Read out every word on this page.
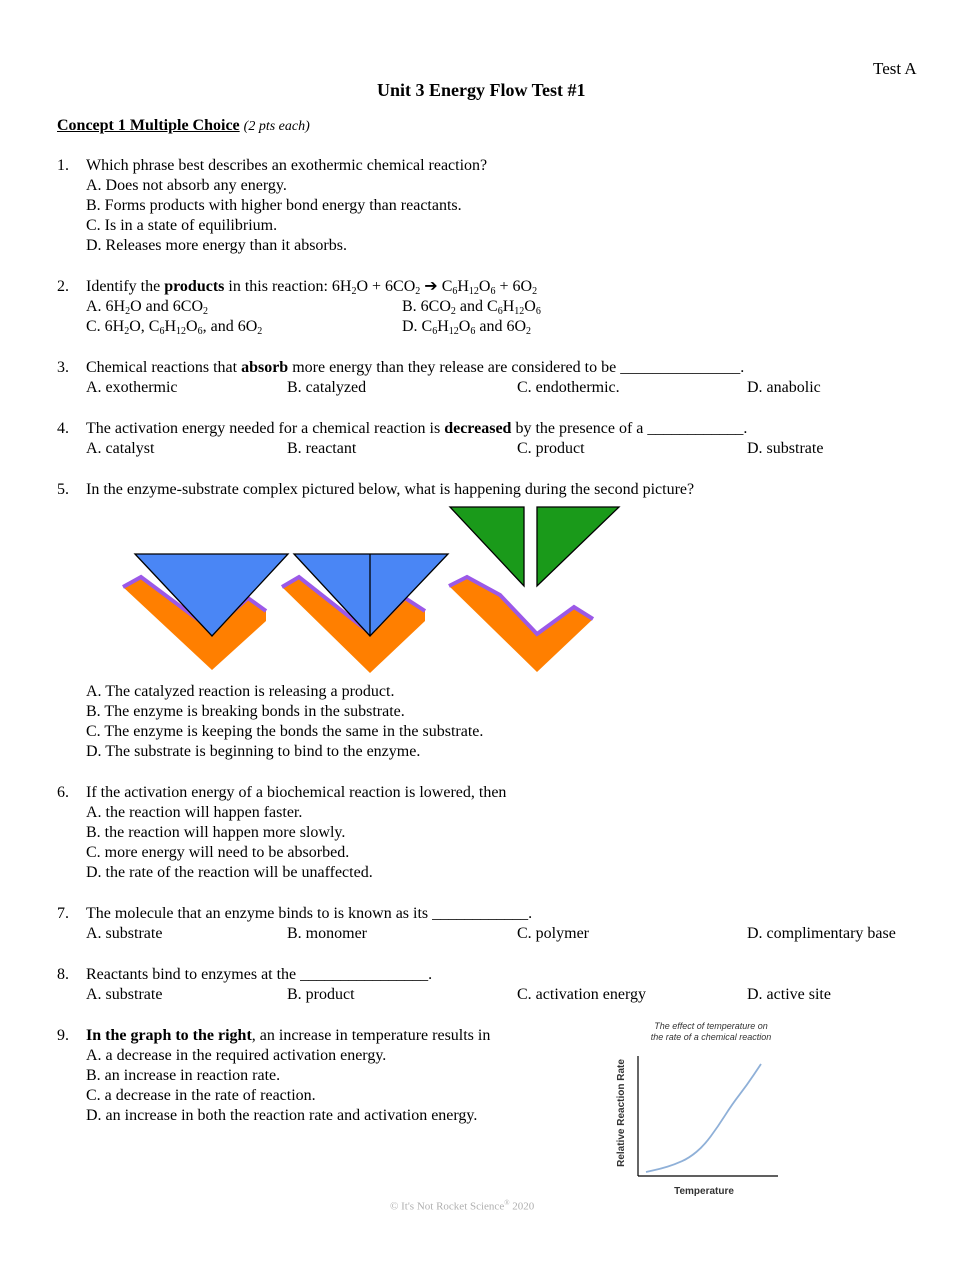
Test A
Unit 3 Energy Flow Test #1
Concept 1 Multiple Choice (2 pts each)
1. Which phrase best describes an exothermic chemical reaction?
A. Does not absorb any energy.
B. Forms products with higher bond energy than reactants.
C. Is in a state of equilibrium.
D. Releases more energy than it absorbs.
2. Identify the products in this reaction: $6H_2O + 6CO_2$ ➔ $C_6H_{12}O_6 + 6O_2$
A. $6H_2O$ and $6CO_2$	B. $6CO_2$ and $C_6H_{12}O_6$
C. $6H_2O$, $C_6H_{12}O_6$, and $6O_2$	D. $C_6H_{12}O_6$ and $6O_2$
3. Chemical reactions that absorb more energy than they release are considered to be _______________.
A. exothermic	B. catalyzed	C. endothermic.	D. anabolic
4. The activation energy needed for a chemical reaction is decreased by the presence of a ____________.
A. catalyst	B. reactant	C. product	D. substrate
5. In the enzyme-substrate complex pictured below, what is happening during the second picture?
A. The catalyzed reaction is releasing a product.
B. The enzyme is breaking bonds in the substrate.
C. The enzyme is keeping the bonds the same in the substrate.
D. The substrate is beginning to bind to the enzyme.
6. If the activation energy of a biochemical reaction is lowered, then
A. the reaction will happen faster.
B. the reaction will happen more slowly.
C. more energy will need to be absorbed.
D. the rate of the reaction will be unaffected.
7. The molecule that an enzyme binds to is known as its ____________.
A. substrate	B. monomer	C. polymer	D. complimentary base
8. Reactants bind to enzymes at the ________________.
A. substrate	B. product	C. activation energy	D. active site
9. In the graph to the right, an increase in temperature results in
A. a decrease in the required activation energy.
B. an increase in reaction rate.
C. a decrease in the rate of reaction.
D. an increase in both the reaction rate and activation energy.
The effect of temperature on
the rate of a chemical reaction
Relative Reaction Rate
Temperature
© It's Not Rocket Science® 2020
